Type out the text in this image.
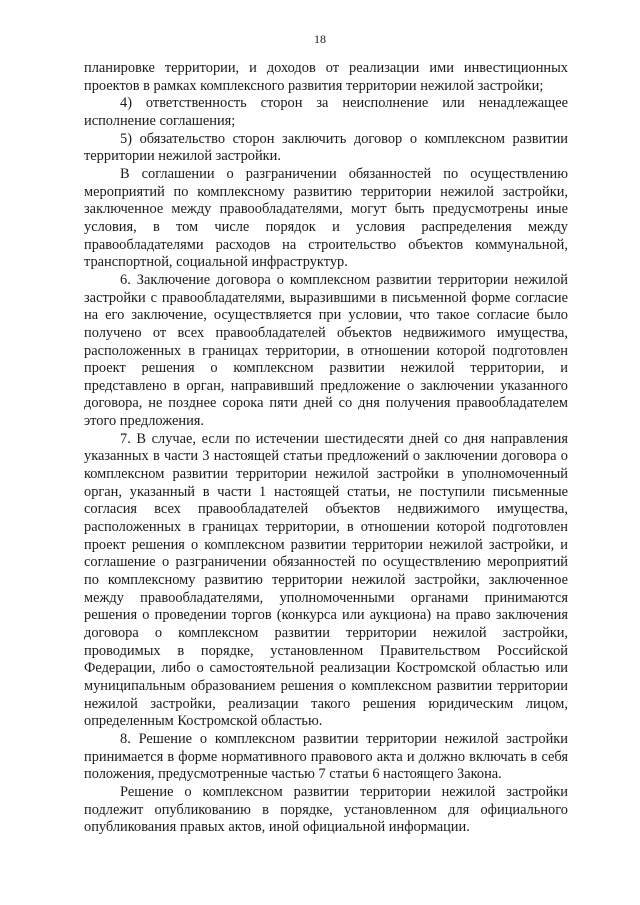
18

планировке территории, и доходов от реализации ими инвестиционных проектов в рамках комплексного развития территории нежилой застройки;

4) ответственность сторон за неисполнение или ненадлежащее исполнение соглашения;

5) обязательство сторон заключить договор о комплексном развитии территории нежилой застройки.

В соглашении о разграничении обязанностей по осуществлению мероприятий по комплексному развитию территории нежилой застройки, заключенное между правообладателями, могут быть предусмотрены иные условия, в том числе порядок и условия распределения между правообладателями расходов на строительство объектов коммунальной, транспортной, социальной инфраструктур.

6. Заключение договора о комплексном развитии территории нежилой застройки с правообладателями, выразившими в письменной форме согласие на его заключение, осуществляется при условии, что такое согласие было получено от всех правообладателей объектов недвижимого имущества, расположенных в границах территории, в отношении которой подготовлен проект решения о комплексном развитии нежилой территории, и представлено в орган, направивший предложение о заключении указанного договора, не позднее сорока пяти дней со дня получения правообладателем этого предложения.

7. В случае, если по истечении шестидесяти дней со дня направления указанных в части 3 настоящей статьи предложений о заключении договора о комплексном развитии территории нежилой застройки в уполномоченный орган, указанный в части 1 настоящей статьи, не поступили письменные согласия всех правообладателей объектов недвижимого имущества, расположенных в границах территории, в отношении которой подготовлен проект решения о комплексном развитии территории нежилой застройки, и соглашение о разграничении обязанностей по осуществлению мероприятий по комплексному развитию территории нежилой застройки, заключенное между правообладателями, уполномоченными органами принимаются решения о проведении торгов (конкурса или аукциона) на право заключения договора о комплексном развитии территории нежилой застройки, проводимых в порядке, установленном Правительством Российской Федерации, либо о самостоятельной реализации Костромской областью или муниципальным образованием решения о комплексном развитии территории нежилой застройки, реализации такого решения юридическим лицом, определенным Костромской областью.

8. Решение о комплексном развитии территории нежилой застройки принимается в форме нормативного правового акта и должно включать в себя положения, предусмотренные частью 7 статьи 6 настоящего Закона.

Решение о комплексном развитии территории нежилой застройки подлежит опубликованию в порядке, установленном для официального опубликования правых актов, иной официальной информации.
